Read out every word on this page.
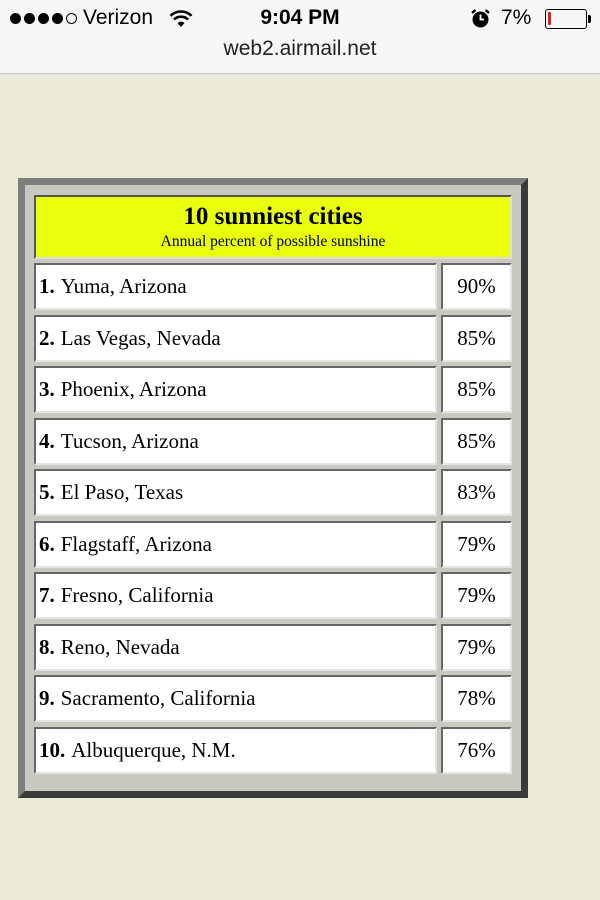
Verizon	9:04 PM	7%
web2.airmail.net
10 sunniest cities
Annual percent of possible sunshine
1. Yuma, Arizona	90%
2. Las Vegas, Nevada	85%
3. Phoenix, Arizona	85%
4. Tucson, Arizona	85%
5. El Paso, Texas	83%
6. Flagstaff, Arizona	79%
7. Fresno, California	79%
8. Reno, Nevada	79%
9. Sacramento, California	78%
10. Albuquerque, N.M.	76%
